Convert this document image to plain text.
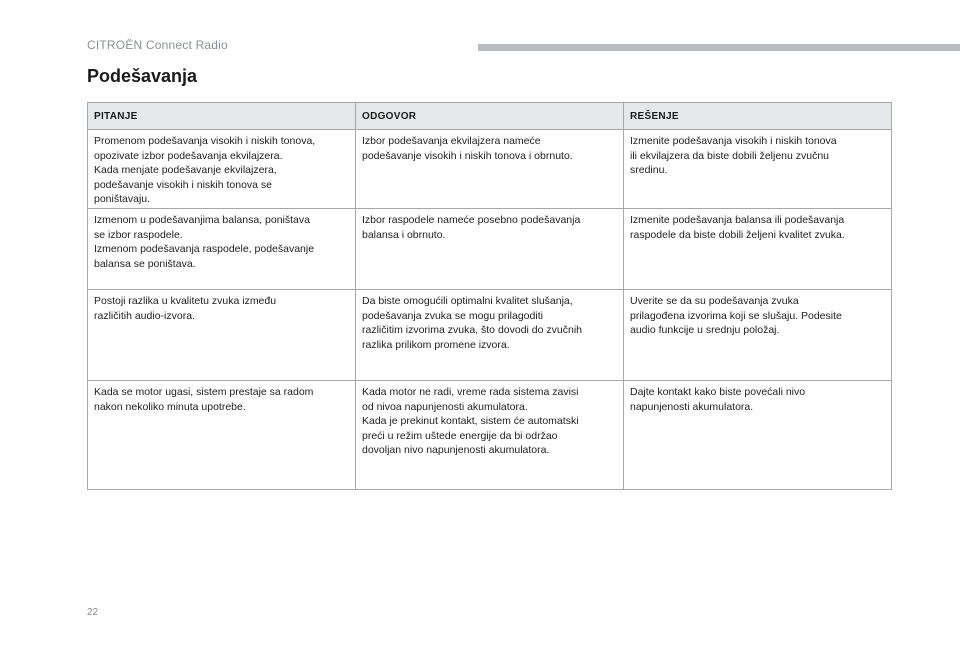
CITROËN Connect Radio
Podešavanja
PITANJE	ODGOVOR	REŠENJE

Promenom podešavanja visokih i niskih tonova,
opozivate izbor podešavanja ekvilajzera.
Kada menjate podešavanje ekvilajzera,
podešavanje visokih i niskih tonova se
poništavaju.	Izbor podešavanja ekvilajzera nameće
podešavanje visokih i niskih tonova i obrnuto.	Izmenite podešavanja visokih i niskih tonova
ili ekvilajzera da biste dobili željenu zvučnu
sredinu.

Izmenom u podešavanjima balansa, poništava
se izbor raspodele.
Izmenom podešavanja raspodele, podešavanje
balansa se poništava.	Izbor raspodele nameće posebno podešavanja
balansa i obrnuto.	Izmenite podešavanja balansa ili podešavanja
raspodele da biste dobili željeni kvalitet zvuka.

Postoji razlika u kvalitetu zvuka između
različitih audio-izvora.	Da biste omogućili optimalni kvalitet slušanja,
podešavanja zvuka se mogu prilagoditi
različitim izvorima zvuka, što dovodi do zvučnih
razlika prilikom promene izvora.	Uverite se da su podešavanja zvuka
prilagođena izvorima koji se slušaju. Podesite
audio funkcije u srednju položaj.

Kada se motor ugasi, sistem prestaje sa radom
nakon nekoliko minuta upotrebe.	Kada motor ne radi, vreme rada sistema zavisi
od nivoa napunjenosti akumulatora.
Kada je prekinut kontakt, sistem će automatski
preći u režim uštede energije da bi održao
dovoljan nivo napunjenosti akumulatora.	Dajte kontakt kako biste povećali nivo
napunjenosti akumulatora.
22
